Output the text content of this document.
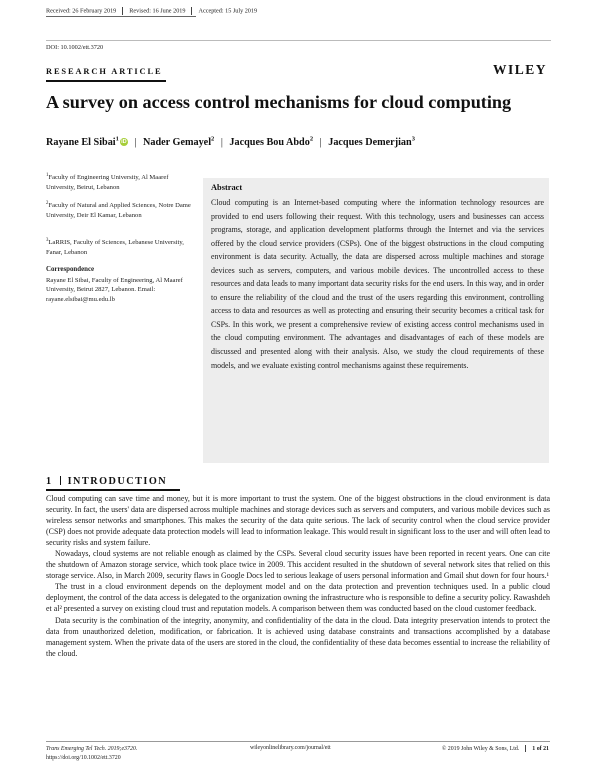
Received: 26 February 2019 Revised: 16 June 2019 Accepted: 15 July 2019
DOI: 10.1002/ett.3720
RESEARCH ARTICLE	WILEY
A survey on access control mechanisms for cloud computing
Rayane El Sibai$^1$ iD | Nader Gemayel$^2$ | Jacques Bou Abdo$^2$ | Jacques Demerjian$^3$
$^1$Faculty of Engineering University, Al Maaref University, Beirut, Lebanon
$^2$Faculty of Natural and Applied Sciences, Notre Dame University, Deir El Kamar, Lebanon
$^3$LaRRIS, Faculty of Sciences, Lebanese University, Fanar, Lebanon
Correspondence
Rayane El Sibai, Faculty of Engineering, Al Maaref University, Beirut 2827, Lebanon. Email: rayane.elsibai@mu.edu.lb
Abstract
Cloud computing is an Internet-based computing where the information technology resources are provided to end users following their request. With this technology, users and businesses can access programs, storage, and application development platforms through the Internet and via the services offered by the cloud service providers (CSPs). One of the biggest obstructions in the cloud computing environment is data security. Actually, the data are dispersed across multiple machines and storage devices such as servers, computers, and various mobile devices. The uncontrolled access to these resources and data leads to many important data security risks for the end users. In this way, and in order to ensure the reliability of the cloud and the trust of the users regarding this environment, controlling access to data and resources as well as protecting and ensuring their security becomes a critical task for CSPs. In this work, we present a comprehensive review of existing access control mechanisms used in the cloud computing environment. The advantages and disadvantages of each of these models are discussed and presented along with their analysis. Also, we study the cloud requirements of these models, and we evaluate existing control mechanisms against these requirements.
1 INTRODUCTION

Cloud computing can save time and money, but it is more important to trust the system. One of the biggest obstructions in the cloud environment is data security. In fact, the users' data are dispersed across multiple machines and storage devices such as servers and computers, and various mobile devices such as wireless sensor networks and smartphones. This makes the security of the data quite serious. The lack of security control when the cloud service provider (CSP) does not provide adequate data protection models will lead to information leakage. This would result in significant loss to the user and will often lead to security risks and system failure.

Nowadays, cloud systems are not reliable enough as claimed by the CSPs. Several cloud security issues have been reported in recent years. One can cite the shutdown of Amazon storage service, which took place twice in 2009. This accident resulted in the shutdown of several network sites that relied on this storage service. Also, in March 2009, security flaws in Google Docs led to serious leakage of users personal information and Gmail shut down for four hours.¹

The trust in a cloud environment depends on the deployment model and on the data protection and prevention techniques used. In a public cloud deployment, the control of the data access is delegated to the organization owning the infrastructure who is responsible to define a security policy. Rawashdeh et al² presented a survey on existing cloud trust and reputation models. A comparison between them was conducted based on the cloud customer feedback.

Data security is the combination of the integrity, anonymity, and confidentiality of the data in the cloud. Data integrity preservation intends to protect the data from unauthorized deletion, modification, or fabrication. It is achieved using database constraints and transactions accomplished by a database management system. When the private data of the users are stored in the cloud, the confidentiality of these data becomes essential to increase the reliability of the cloud.

Trans Emerging Tel Tech. 2019;e3720.
https://doi.org/10.1002/ett.3720
wileyonlinelibrary.com/journal/ett	© 2019 John Wiley & Sons, Ltd. 1 of 21
